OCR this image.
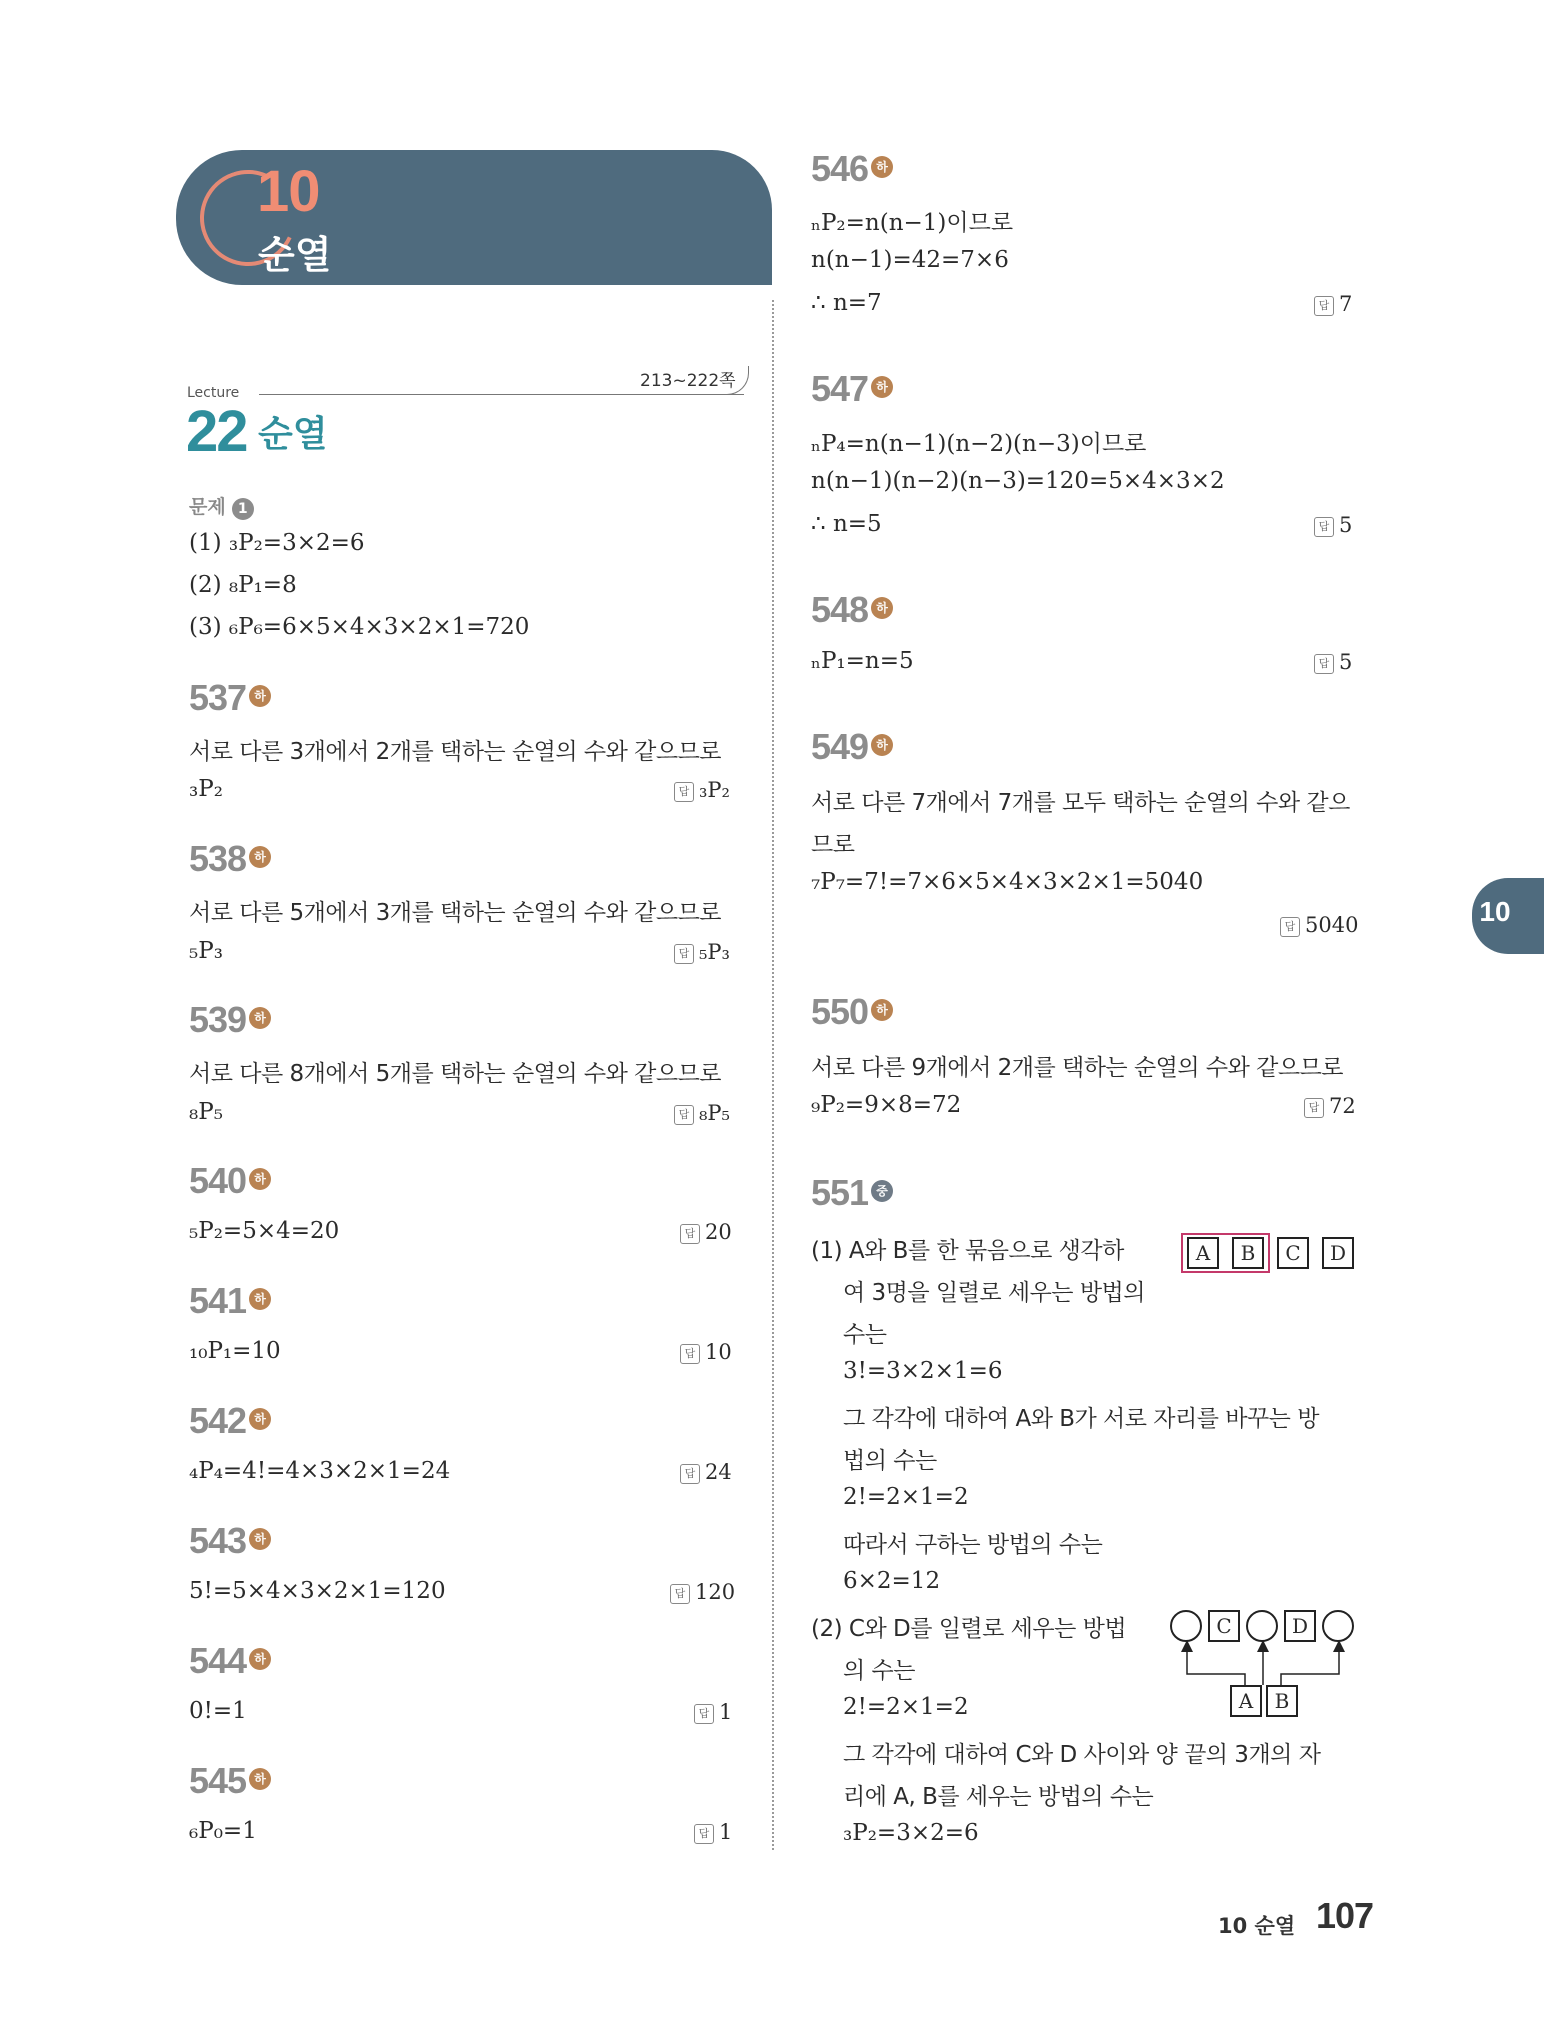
10
순열
Lecture
213~222쪽
22 순열
문제 1
(1) ₃P₂=3×2=6
(2) ₈P₁=8
(3) ₆P₆=6×5×4×3×2×1=720
537 하
서로 다른 3개에서 2개를 택하는 순열의 수와 같으므로
₃P₂	답 ₃P₂
538 하
서로 다른 5개에서 3개를 택하는 순열의 수와 같으므로
₅P₃	답 ₅P₃
539 하
서로 다른 8개에서 5개를 택하는 순열의 수와 같으므로
₈P₅	답 ₈P₅
540 하
₅P₂=5×4=20	답 20
541 하
₁₀P₁=10	답 10
542 하
₄P₄=4!=4×3×2×1=24	답 24
543 하
5!=5×4×3×2×1=120	답 120
544 하
0!=1	답 1
545 하
₆P₀=1	답 1
546 하
ₙP₂=n(n−1)이므로
n(n−1)=42=7×6
∴ n=7	답 7
547 하
ₙP₄=n(n−1)(n−2)(n−3)이므로
n(n−1)(n−2)(n−3)=120=5×4×3×2
∴ n=5	답 5
548 하
ₙP₁=n=5	답 5
549 하
서로 다른 7개에서 7개를 모두 택하는 순열의 수와 같으
므로
₇P₇=7!=7×6×5×4×3×2×1=5040
답 5040
550 하
서로 다른 9개에서 2개를 택하는 순열의 수와 같으므로
₉P₂=9×8=72	답 72
551 중
(1) A와 B를 한 묶음으로 생각하
여 3명을 일렬로 세우는 방법의
수는
3!=3×2×1=6
그 각각에 대하여 A와 B가 서로 자리를 바꾸는 방
법의 수는
2!=2×1=2
따라서 구하는 방법의 수는
6×2=12
(2) C와 D를 일렬로 세우는 방법
의 수는
2!=2×1=2
그 각각에 대하여 C와 D 사이와 양 끝의 3개의 자
리에 A, B를 세우는 방법의 수는
₃P₂=3×2=6
A	B	C	D
C	D
A	B
10
10 순열 107
